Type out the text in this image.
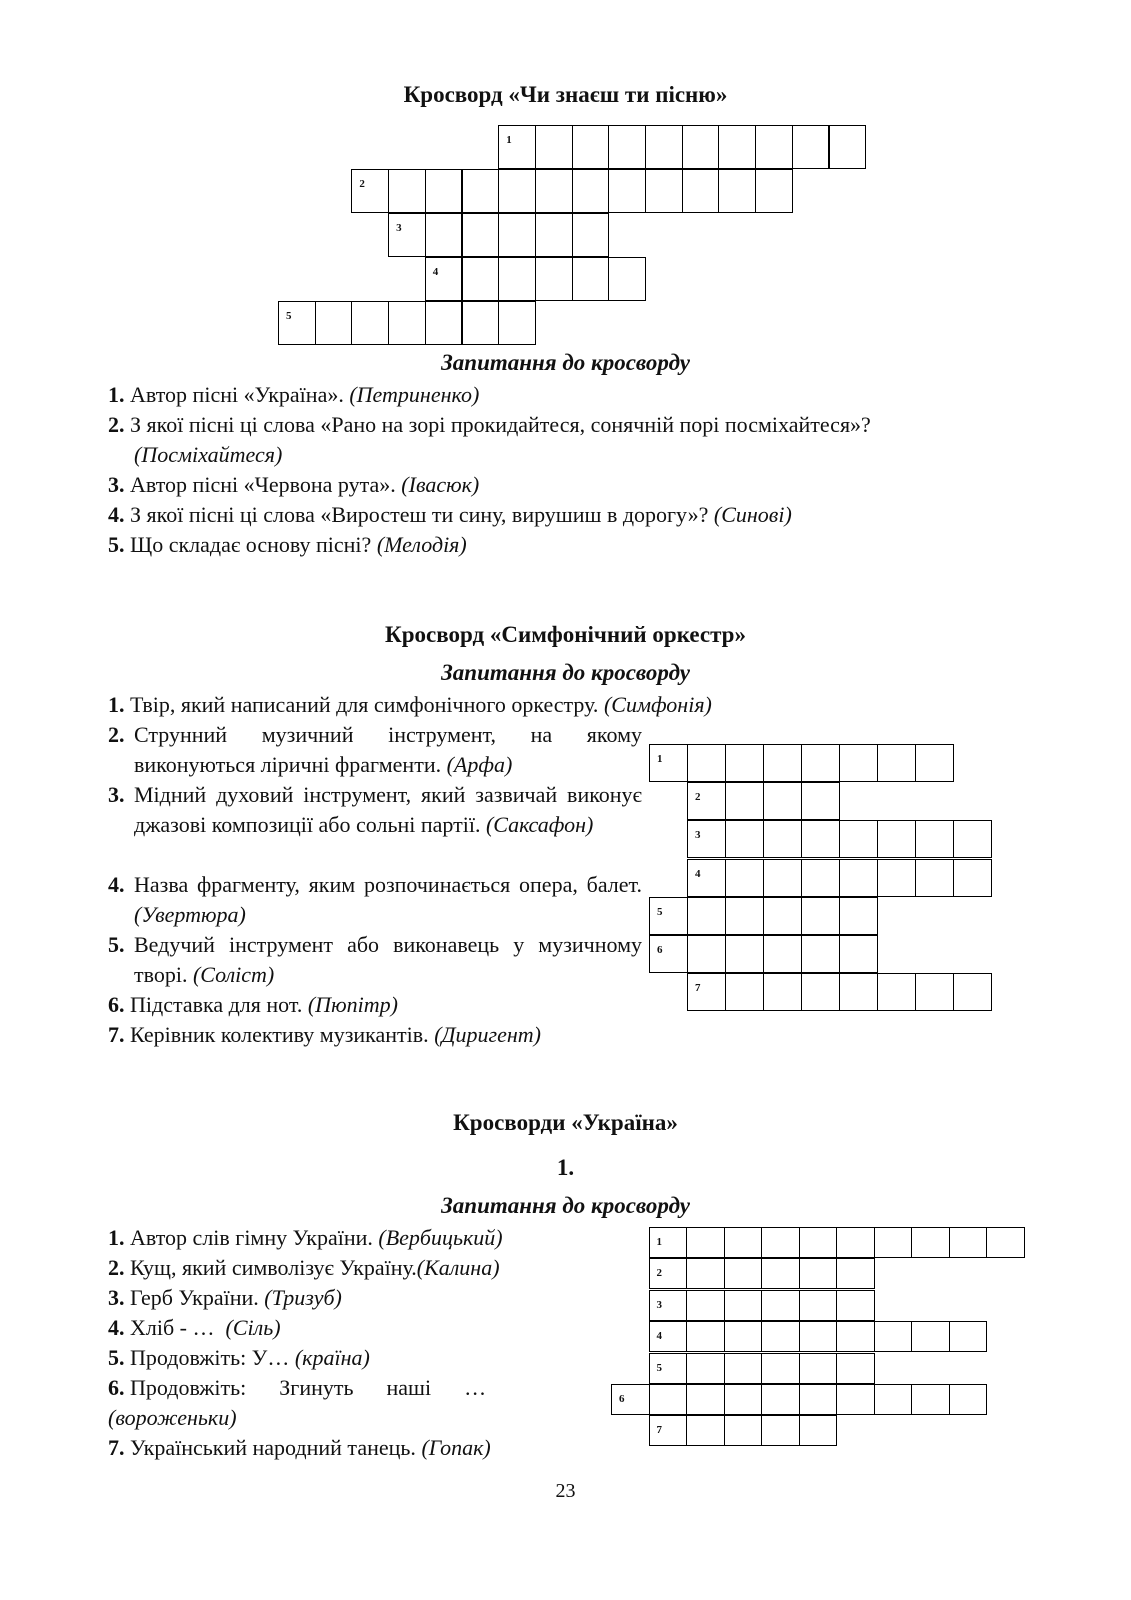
Кросворд «Чи знаєш ти пісню»
1
2
3
4
5
Запитання до кросворду
1. Автор пісні «Україна». (Петриненко)
2. З якої пісні ці слова «Рано на зорі прокидайтеся, сонячній порі посміхайтеся»?
(Посміхайтеся)
3. Автор пісні «Червона рута». (Івасюк)
4. З якої пісні ці слова «Виростеш ти сину, вирушиш в дорогу»? (Синові)
5. Що складає основу пісні? (Мелодія)
Кросворд «Симфонічний оркестр»
Запитання до кросворду
1. Твір, який написаний для симфонічного оркестру. (Симфонія)
2. Струнний музичний інструмент, на якому виконуються ліричні фрагменти. (Арфа)
3. Мідний духовий інструмент, який зазвичай виконує джазові композиції або сольні партії. (Саксафон)
4. Назва фрагменту, яким розпочинається опера, балет. (Увертюра)
5. Ведучий інструмент або виконавець у музичному творі. (Соліст)
6. Підставка для нот. (Пюпітр)
7. Керівник колективу музикантів. (Диригент)
1
2
3
4
5
6
7
Кросворди «Україна»
1.
Запитання до кросворду
1. Автор слів гімну України. (Вербицький)
2. Кущ, який символізує Україну.(Калина)
3. Герб України. (Тризуб)
4. Хліб - …  (Сіль)
5. Продовжіть: У… (країна)
6. Продовжіть:      Згинуть      наші      …
(вороженьки)
7. Український народний танець. (Гопак)
1
2
3
4
5
6
7
23
